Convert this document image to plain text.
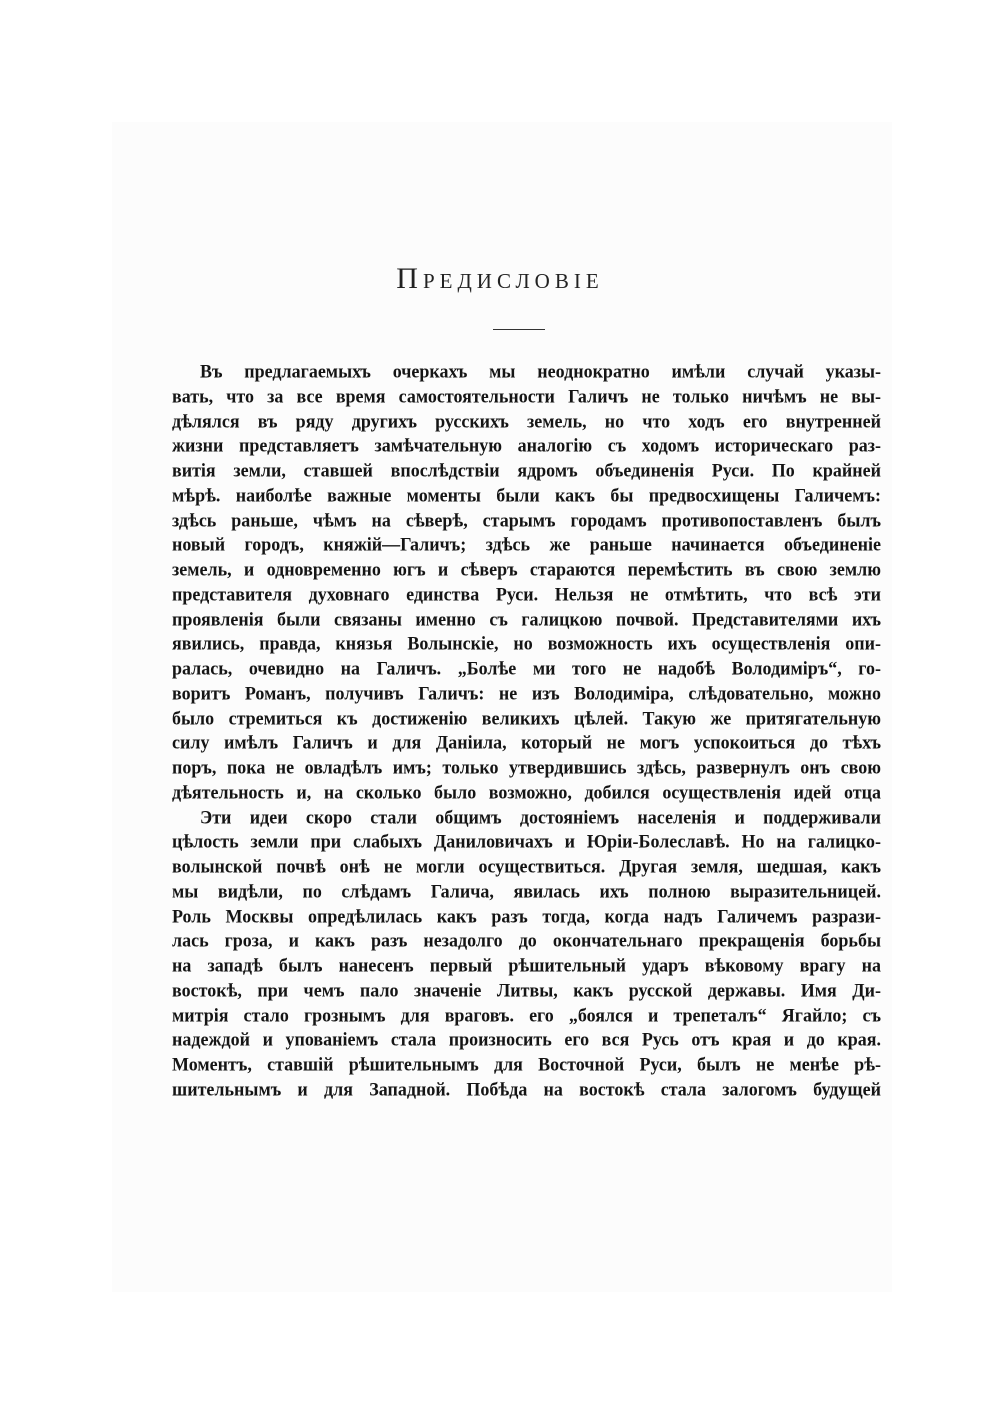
Предисловіе
Въ предлагаемыхъ очеркахъ мы неоднократно имѣли случай указы-
вать, что за все время самостоятельности Галичъ не только ничѣмъ не вы-
дѣлялся въ ряду другихъ русскихъ земель, но что ходъ его внутренней
жизни представляетъ замѣчательную аналогію съ ходомъ историческаго раз-
витія земли, ставшей впослѣдствіи ядромъ объединенія Руси. По крайней
мѣрѣ. наиболѣе важные моменты были какъ бы предвосхищены Галичемъ:
здѣсь раньше, чѣмъ на сѣверѣ, старымъ городамъ противопоставленъ былъ
новый городъ, княжій—Галичъ; здѣсь же раньше начинается объединеніе
земель, и одновременно югъ и сѣверъ стараются перемѣстить въ свою землю
представителя духовнаго единства Руси. Нельзя не отмѣтить, что всѣ эти
проявленія были связаны именно съ галицкою почвой. Представителями ихъ
явились, правда, князья Волынскіе, но возможность ихъ осуществленія опи-
ралась, очевидно на Галичъ. „Болѣе ми того не надобѣ Володиміръ“, го-
воритъ Романъ, получивъ Галичъ: не изъ Володиміра, слѣдовательно, можно
было стремиться къ достиженію великихъ цѣлей. Такую же притягательную
силу имѣлъ Галичъ и для Даніила, который не могъ успокоиться до тѣхъ
поръ, пока не овладѣлъ имъ; только утвердившись здѣсь, развернулъ онъ свою
дѣятельность и, на сколько было возможно, добился осуществленія идей отца
Эти идеи скоро стали общимъ достояніемъ населенія и поддерживали
цѣлость земли при слабыхъ Даниловичахъ и Юріи-Болеславѣ. Но на галицко-
волынской почвѣ онѣ не могли осуществиться. Другая земля, шедшая, какъ
мы видѣли, по слѣдамъ Галича, явилась ихъ полною выразительницей.
Роль Москвы опредѣлилась какъ разъ тогда, когда надъ Галичемъ разрази-
лась гроза, и какъ разъ незадолго до окончательнаго прекращенія борьбы
на западѣ былъ нанесенъ первый рѣшительный ударъ вѣковому врагу на
востокѣ, при чемъ пало значеніе Литвы, какъ русской державы. Имя Ди-
митрія стало грознымъ для враговъ. его „боялся и трепеталъ“ Ягайло; съ
надеждой и упованіемъ стала произносить его вся Русь отъ края и до края.
Моментъ, ставшій рѣшительнымъ для Восточной Руси, былъ не менѣе рѣ-
шительнымъ и для Западной. Побѣда на востокѣ стала залогомъ будущей
